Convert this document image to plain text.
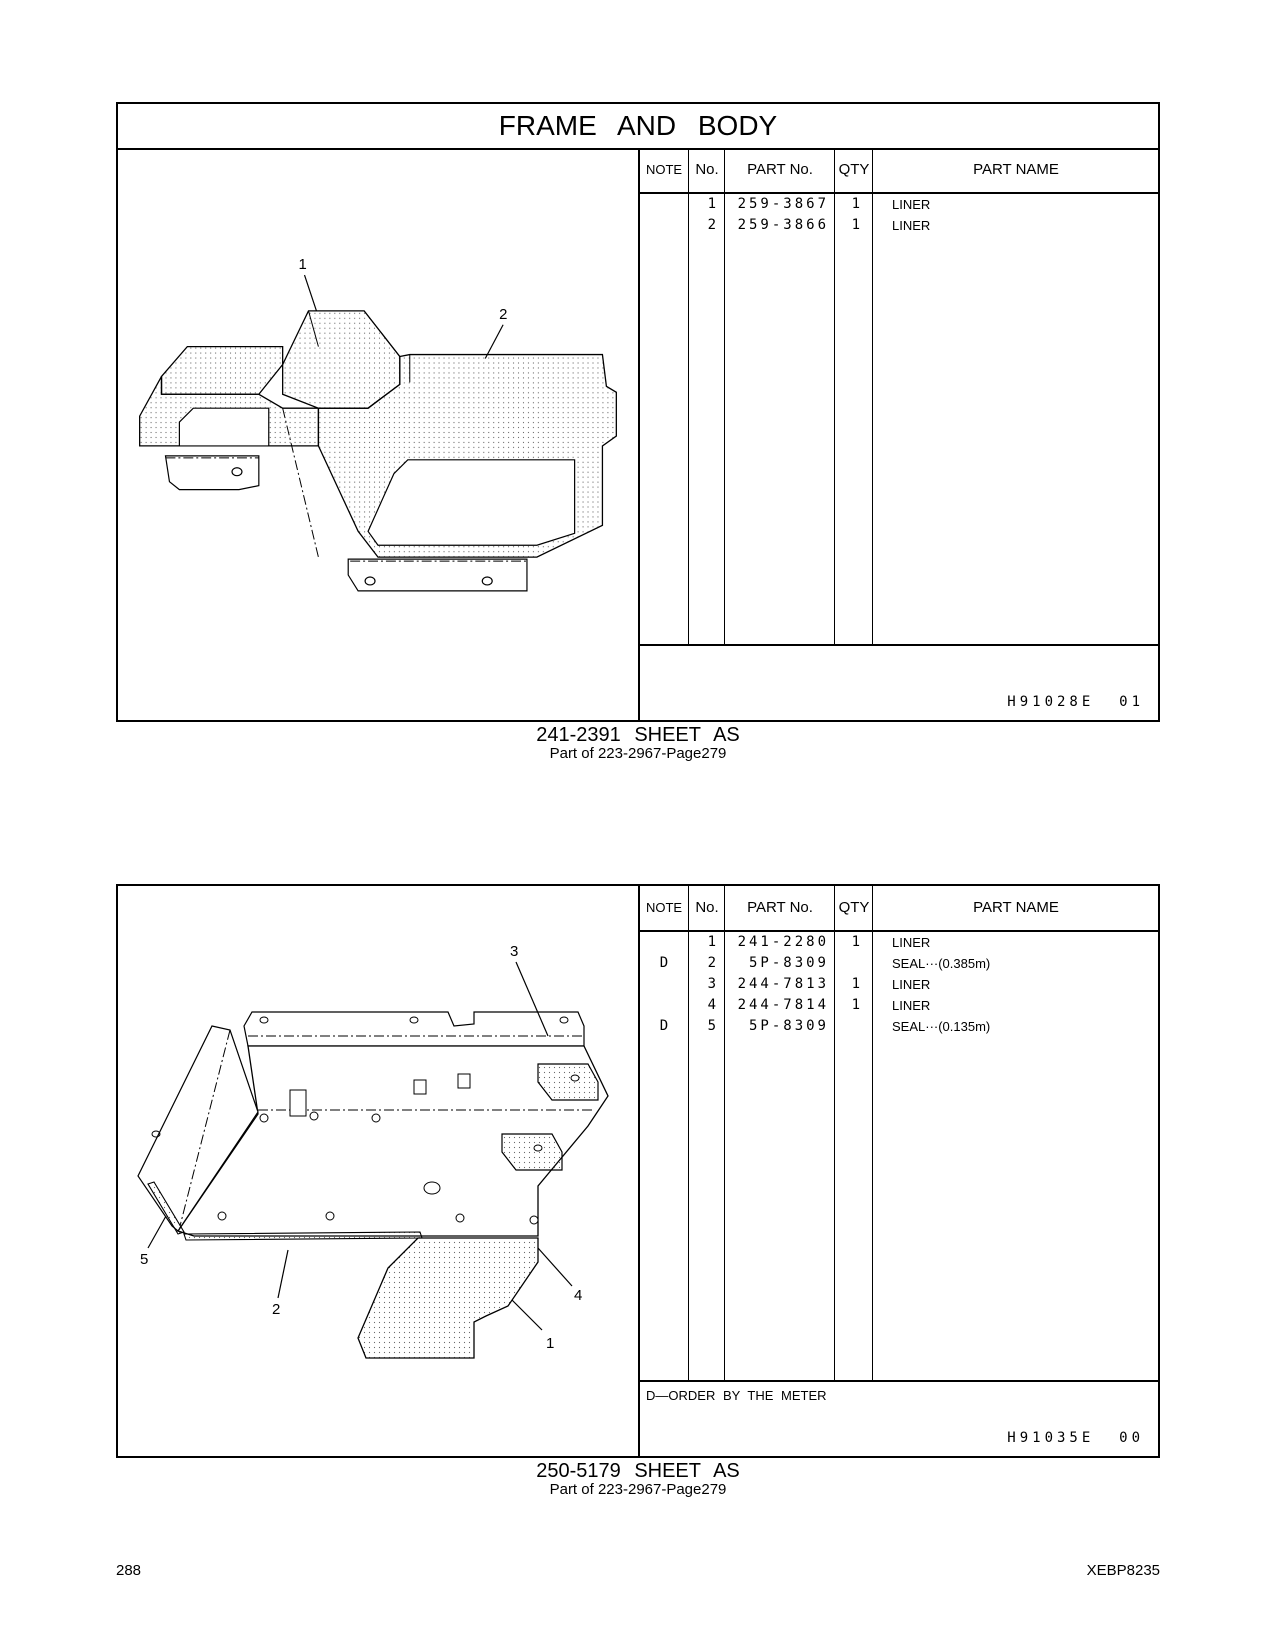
FRAME AND BODY
1
2
NOTE No.	PART No.	QTY	PART NAME
1	259-3867	1 LINER
2	259-3866	1 LINER
H91028E  01
241-2391 SHEET AS
Part of 223-2967-Page279
3
4
5
2
1
NOTE No.	PART No.	QTY	PART NAME
1	241-2280	1 LINER
D	2	5P-8309	SEAL···(0.385m)
3	244-7813	1 LINER
4	244-7814	1 LINER
D	5	5P-8309	SEAL···(0.135m)
D—ORDER BY THE METER
H91035E  00
250-5179 SHEET AS
Part of 223-2967-Page279
288	XEBP8235
